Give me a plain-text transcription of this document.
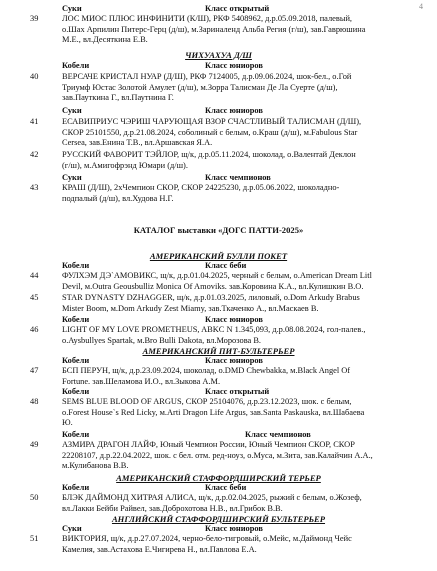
4
Суки	Класс открытый
39	ЛОС МИОС ПЛЮС ИНФИНИТИ (К/Ш), РКФ 5408962, д.р.05.09.2018, палевый,
о.Шах Арпилин Питерс-Герц (д/ш), м.Зариналенд Альба Регия (г/ш), зав.Гаврюшина
М.Е., вл.Десяткина Е.В.
ЧИХУАХУА Д/Ш
Кобели	Класс юниоров
40	ВЕРСАЧЕ КРИСТАЛ НУАР (Д/Ш), РКФ 7124005, д.р.09.06.2024, шок-бел., о.Гой
Триумф Юстас Золотой Амулет (д/ш), м.Зорра Талисман Де Ла Суерте (д/ш),
зав.Пауткина Г., вл.Паутнина Г.
Суки	Класс юниоров
41	ЕСАВИПРИУС ЧЭРИШ ЧАРУЮЩАЯ ВЗОР СЧАСТЛИВЫЙ ТАЛИСМАН (Д/Ш),
СКОР 25101550, д.р.21.08.2024, соболиный с белым, о.Краш (д/ш), м.Fabulous Star
Cersea, зав.Енина Т.В., вл.Аршавская Я.А.
42	РУССКИЙ ФАВОРИТ ТЭЙЛОР, щ/к, д.р.05.11.2024, шоколад, о.Валентай Деклон
(г/ш), м.Амигофрэнд Юмари (д/ш).
Суки	Класс чемпионов
43	КРАШ (Д/Ш), 2хЧемпион СКОР, СКОР 24225230, д.р.05.06.2022, шоколадно-
подпалый (д/ш), вл.Худова Н.Г.
КАТАЛОГ выставки «ДОГС ПАТТИ-2025»
АМЕРИКАНСКИЙ БУЛЛИ ПОКЕТ
Кобели	Класс беби
44	ФУЛХЭМ ДЭ`АМОВИКС, щ/к, д.р.01.04.2025, черный с белым, о.American Dream Litl
Devil, м.Outra Geousbulliz Monica Of Amoviks. зав.Коровина К.А., вл.Кулишкин В.О.
45	STAR DYNASTY DZHAGGER, щ/к, д.р.01.03.2025, лиловый, о.Dom Arkudy Brabus
Mister Boom, м.Dom Arkudy Zest Miamy, зав.Ткаченко А., вл.Маскаев В.
Кобели	Класс юниоров
46	LIGHT OF MY LOVE PROMETHEUS, ABKC N 1.345,093, д.р.08.08.2024, гол-палев.,
о.Aysbullyes Spartak, м.Bro Bulli Dakota, вл.Морозова В.
АМЕРИКАНСКИЙ ПИТ-БУЛЬТЕРЬЕР
Кобели	Класс юниоров
47	БСП ПЕРУН, щ/к, д.р.23.09.2024, шоколад, о.DMD Chewbakka, м.Black Angel Of
Fortune. зав.Шеламова И.О., вл.Зыкова А.М.
Кобели	Класс открытый
48	SEMS BLUE BLOOD OF ARGUS, СКОР 25104076, д.р.23.12.2023, шок. с белым,
о.Forest House`s Red Licky, м.Arti Dragon Life Argus, зав.Santa Paskauska, вл.Шабаева
Ю.
Кобели	Класс чемпионов
49	АЗМИРА ДРАГОН ЛАЙФ, Юный Чемпион России, Юный Чемпион СКОР, СКОР
22208107, д.р.22.04.2022, шок. с бел. отм. ред-ноуз, о.Муса, м.Зита, зав.Калайчин А.А.,
м.Кулибанова В.В.
АМЕРИКАНСКИЙ СТАФФОРДШИРСКИЙ ТЕРЬЕР
Кобели	Класс беби
50	БЛЭК ДАЙМОНД ХИТРАЯ АЛИСА, щ/к, д.р.02.04.2025, рыжий с белым, о.Жозеф,
вл.Лакки Бейби Райвел, зав.Доброхотова Н.В., вл.Грибок В.В.
АНГЛИЙСКИЙ СТАФФОРДШИРСКИЙ БУЛЬТЕРЬЕР
Суки	Класс юниоров
51	ВИКТОРИЯ, щ/к, д.р.27.07.2024, черно-бело-тигровый, о.Мейс, м.Даймонд Чейс
Камелия, зав.Астахова Е.Чигирева Н., вл.Павлова Е.А.
